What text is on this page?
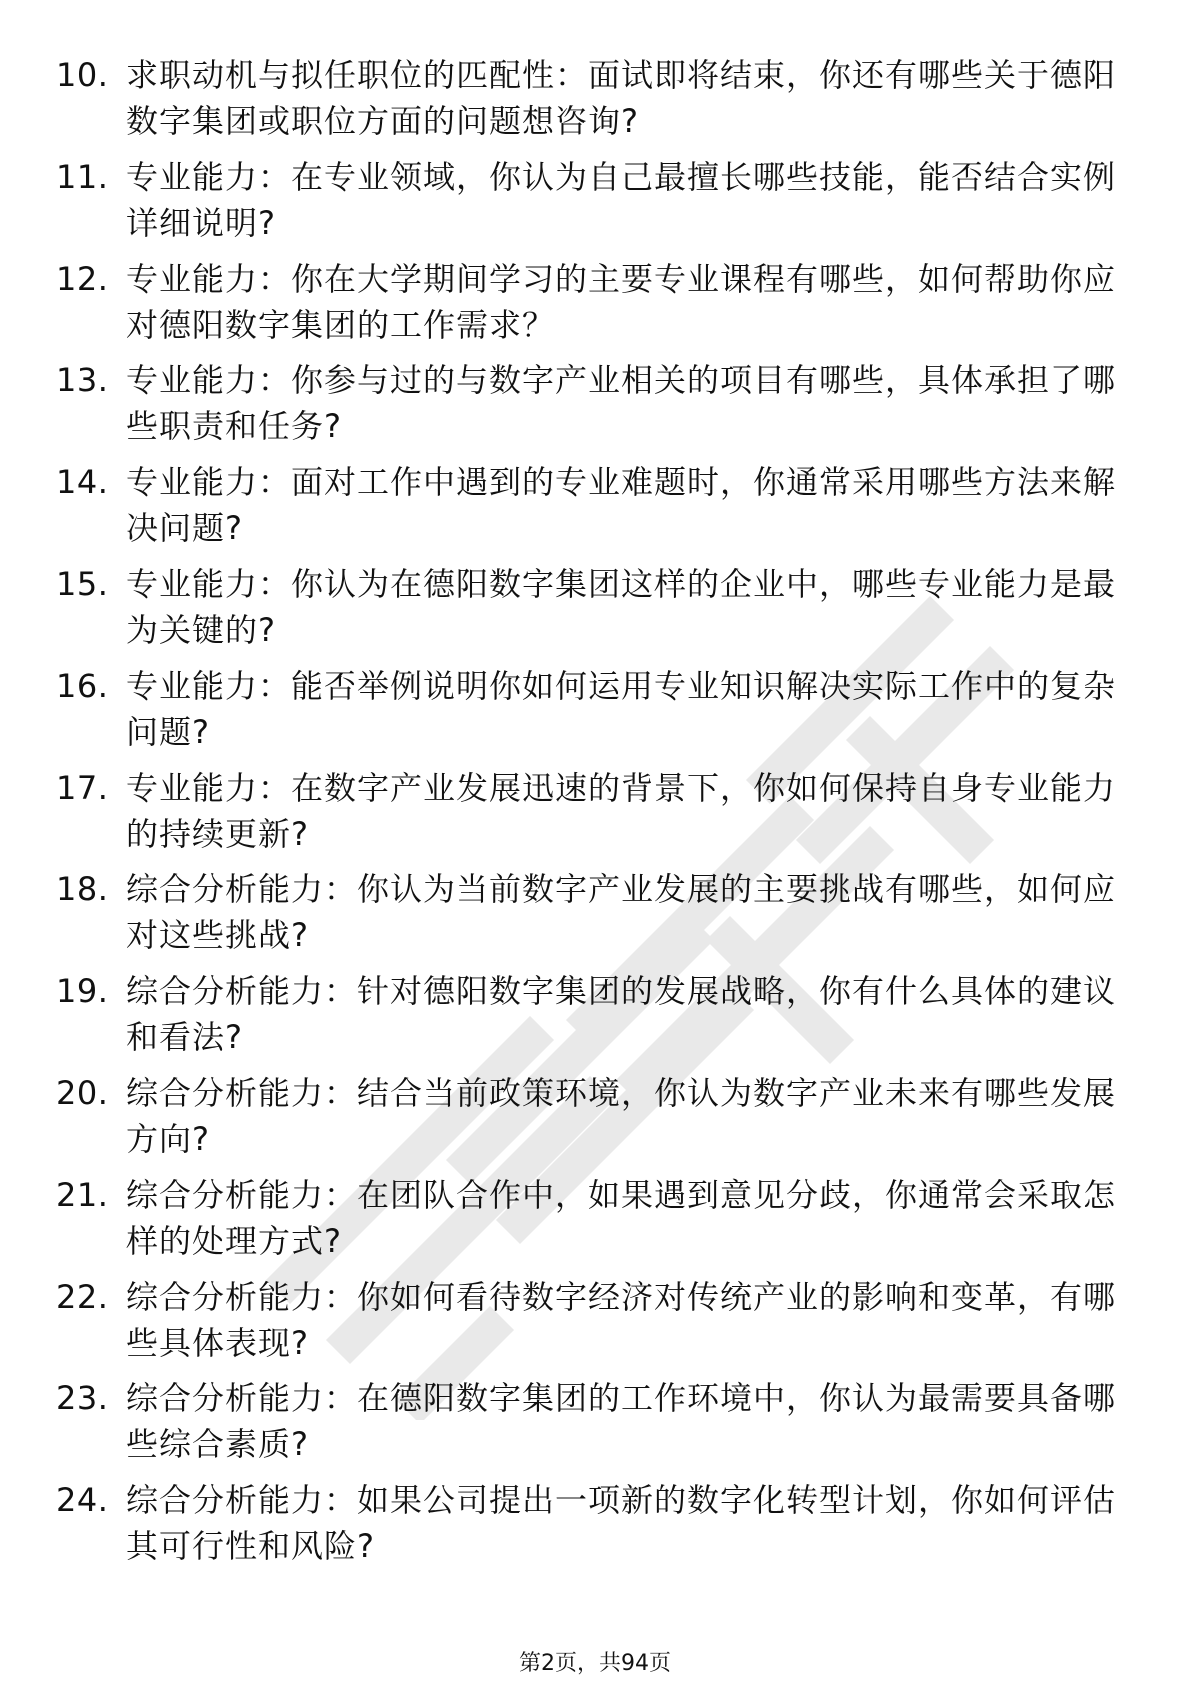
10. 求职动机与拟任职位的匹配性：面试即将结束，你还有哪些关于德阳数字集团或职位方面的问题想咨询?
11. 专业能力：在专业领域，你认为自己最擅长哪些技能，能否结合实例详细说明?
12. 专业能力：你在大学期间学习的主要专业课程有哪些，如何帮助你应对德阳数字集团的工作需求？
13. 专业能力：你参与过的与数字产业相关的项目有哪些，具体承担了哪些职责和任务?
14. 专业能力：面对工作中遇到的专业难题时，你通常采用哪些方法来解决问题?
15. 专业能力：你认为在德阳数字集团这样的企业中，哪些专业能力是最为关键的?
16. 专业能力：能否举例说明你如何运用专业知识解决实际工作中的复杂问题?
17. 专业能力：在数字产业发展迅速的背景下，你如何保持自身专业能力的持续更新?
18. 综合分析能力：你认为当前数字产业发展的主要挑战有哪些，如何应对这些挑战?
19. 综合分析能力：针对德阳数字集团的发展战略，你有什么具体的建议和看法?
20. 综合分析能力：结合当前政策环境，你认为数字产业未来有哪些发展方向?
21. 综合分析能力：在团队合作中，如果遇到意见分歧，你通常会采取怎样的处理方式?
22. 综合分析能力：你如何看待数字经济对传统产业的影响和变革，有哪些具体表现?
23. 综合分析能力：在德阳数字集团的工作环境中，你认为最需要具备哪些综合素质?
24. 综合分析能力：如果公司提出一项新的数字化转型计划，你如何评估其可行性和风险?
第2页，共94页
